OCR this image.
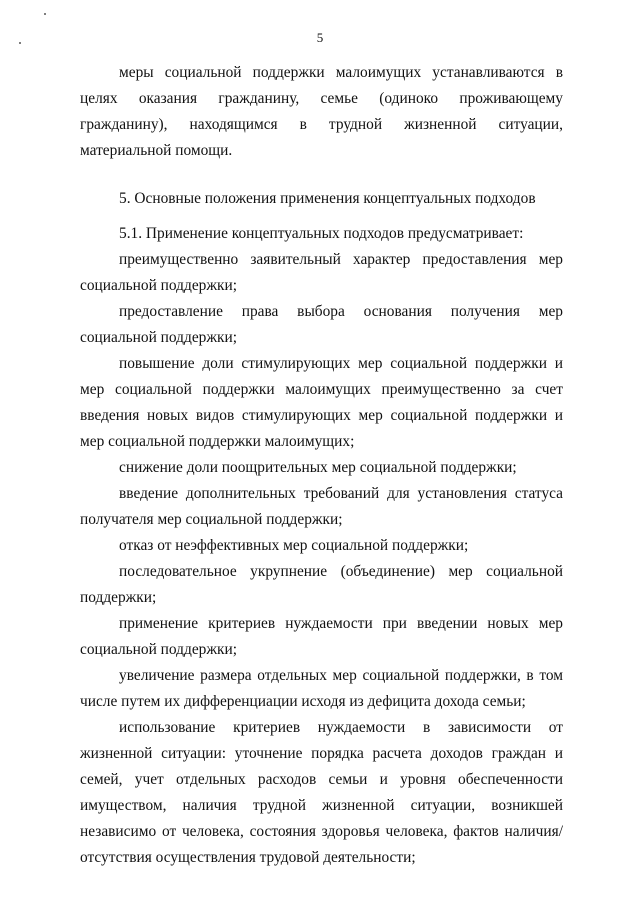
5

меры социальной поддержки малоимущих устанавливаются в целях оказания гражданину, семье (одиноко проживающему гражданину), находящимся в трудной жизненной ситуации, материальной помощи.

5. Основные положения применения концептуальных подходов

5.1. Применение концептуальных подходов предусматривает:

преимущественно заявительный характер предоставления мер социальной поддержки;

предоставление права выбора основания получения мер социальной поддержки;

повышение доли стимулирующих мер социальной поддержки и мер социальной поддержки малоимущих преимущественно за счет введения новых видов стимулирующих мер социальной поддержки и мер социальной поддержки малоимущих;

снижение доли поощрительных мер социальной поддержки;

введение дополнительных требований для установления статуса получателя мер социальной поддержки;

отказ от неэффективных мер социальной поддержки;

последовательное укрупнение (объединение) мер социальной поддержки;

применение критериев нуждаемости при введении новых мер социальной поддержки;

увеличение размера отдельных мер социальной поддержки, в том числе путем их дифференциации исходя из дефицита дохода семьи;

использование критериев нуждаемости в зависимости от жизненной ситуации: уточнение порядка расчета доходов граждан и семей, учет отдельных расходов семьи и уровня обеспеченности имуществом, наличия трудной жизненной ситуации, возникшей независимо от человека, состояния здоровья человека, фактов наличия/отсутствия осуществления трудовой деятельности;
